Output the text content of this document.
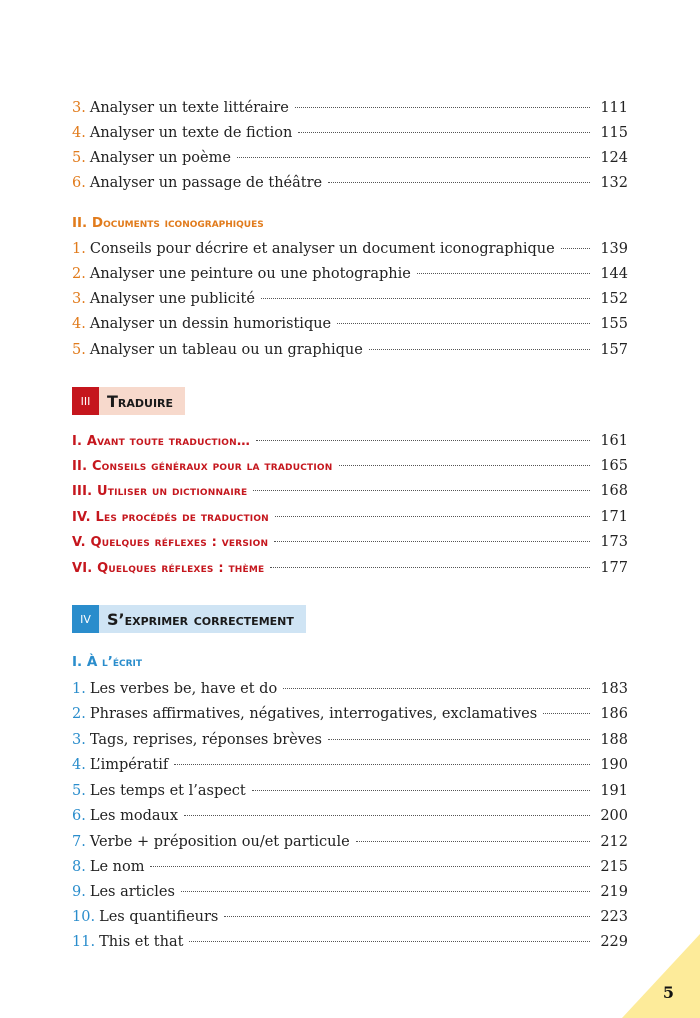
3. Analyser un texte littéraire	111
4. Analyser un texte de fiction	115
5. Analyser un poème	124
6. Analyser un passage de théâtre	132
II. Documents iconographiques
1. Conseils pour décrire et analyser un document iconographique	139
2. Analyser une peinture ou une photographie	144
3. Analyser une publicité	152
4. Analyser un dessin humoristique	155
5. Analyser un tableau ou un graphique	157
III	Traduire
I. Avant toute traduction…	161
II. Conseils généraux pour la traduction	165
III. Utiliser un dictionnaire	168
IV. Les procédés de traduction	171
V. Quelques réflexes : version	173
VI. Quelques réflexes : thème	177
IV	S’exprimer correctement
I. À l’écrit
1. Les verbes be, have et do	183
2. Phrases affirmatives, négatives, interrogatives, exclamatives	186
3. Tags, reprises, réponses brèves	188
4. L’impératif	190
5. Les temps et l’aspect	191
6. Les modaux	200
7. Verbe + préposition ou/et particule	212
8. Le nom	215
9. Les articles	219
10. Les quantifieurs	223
11. This et that	229
5
